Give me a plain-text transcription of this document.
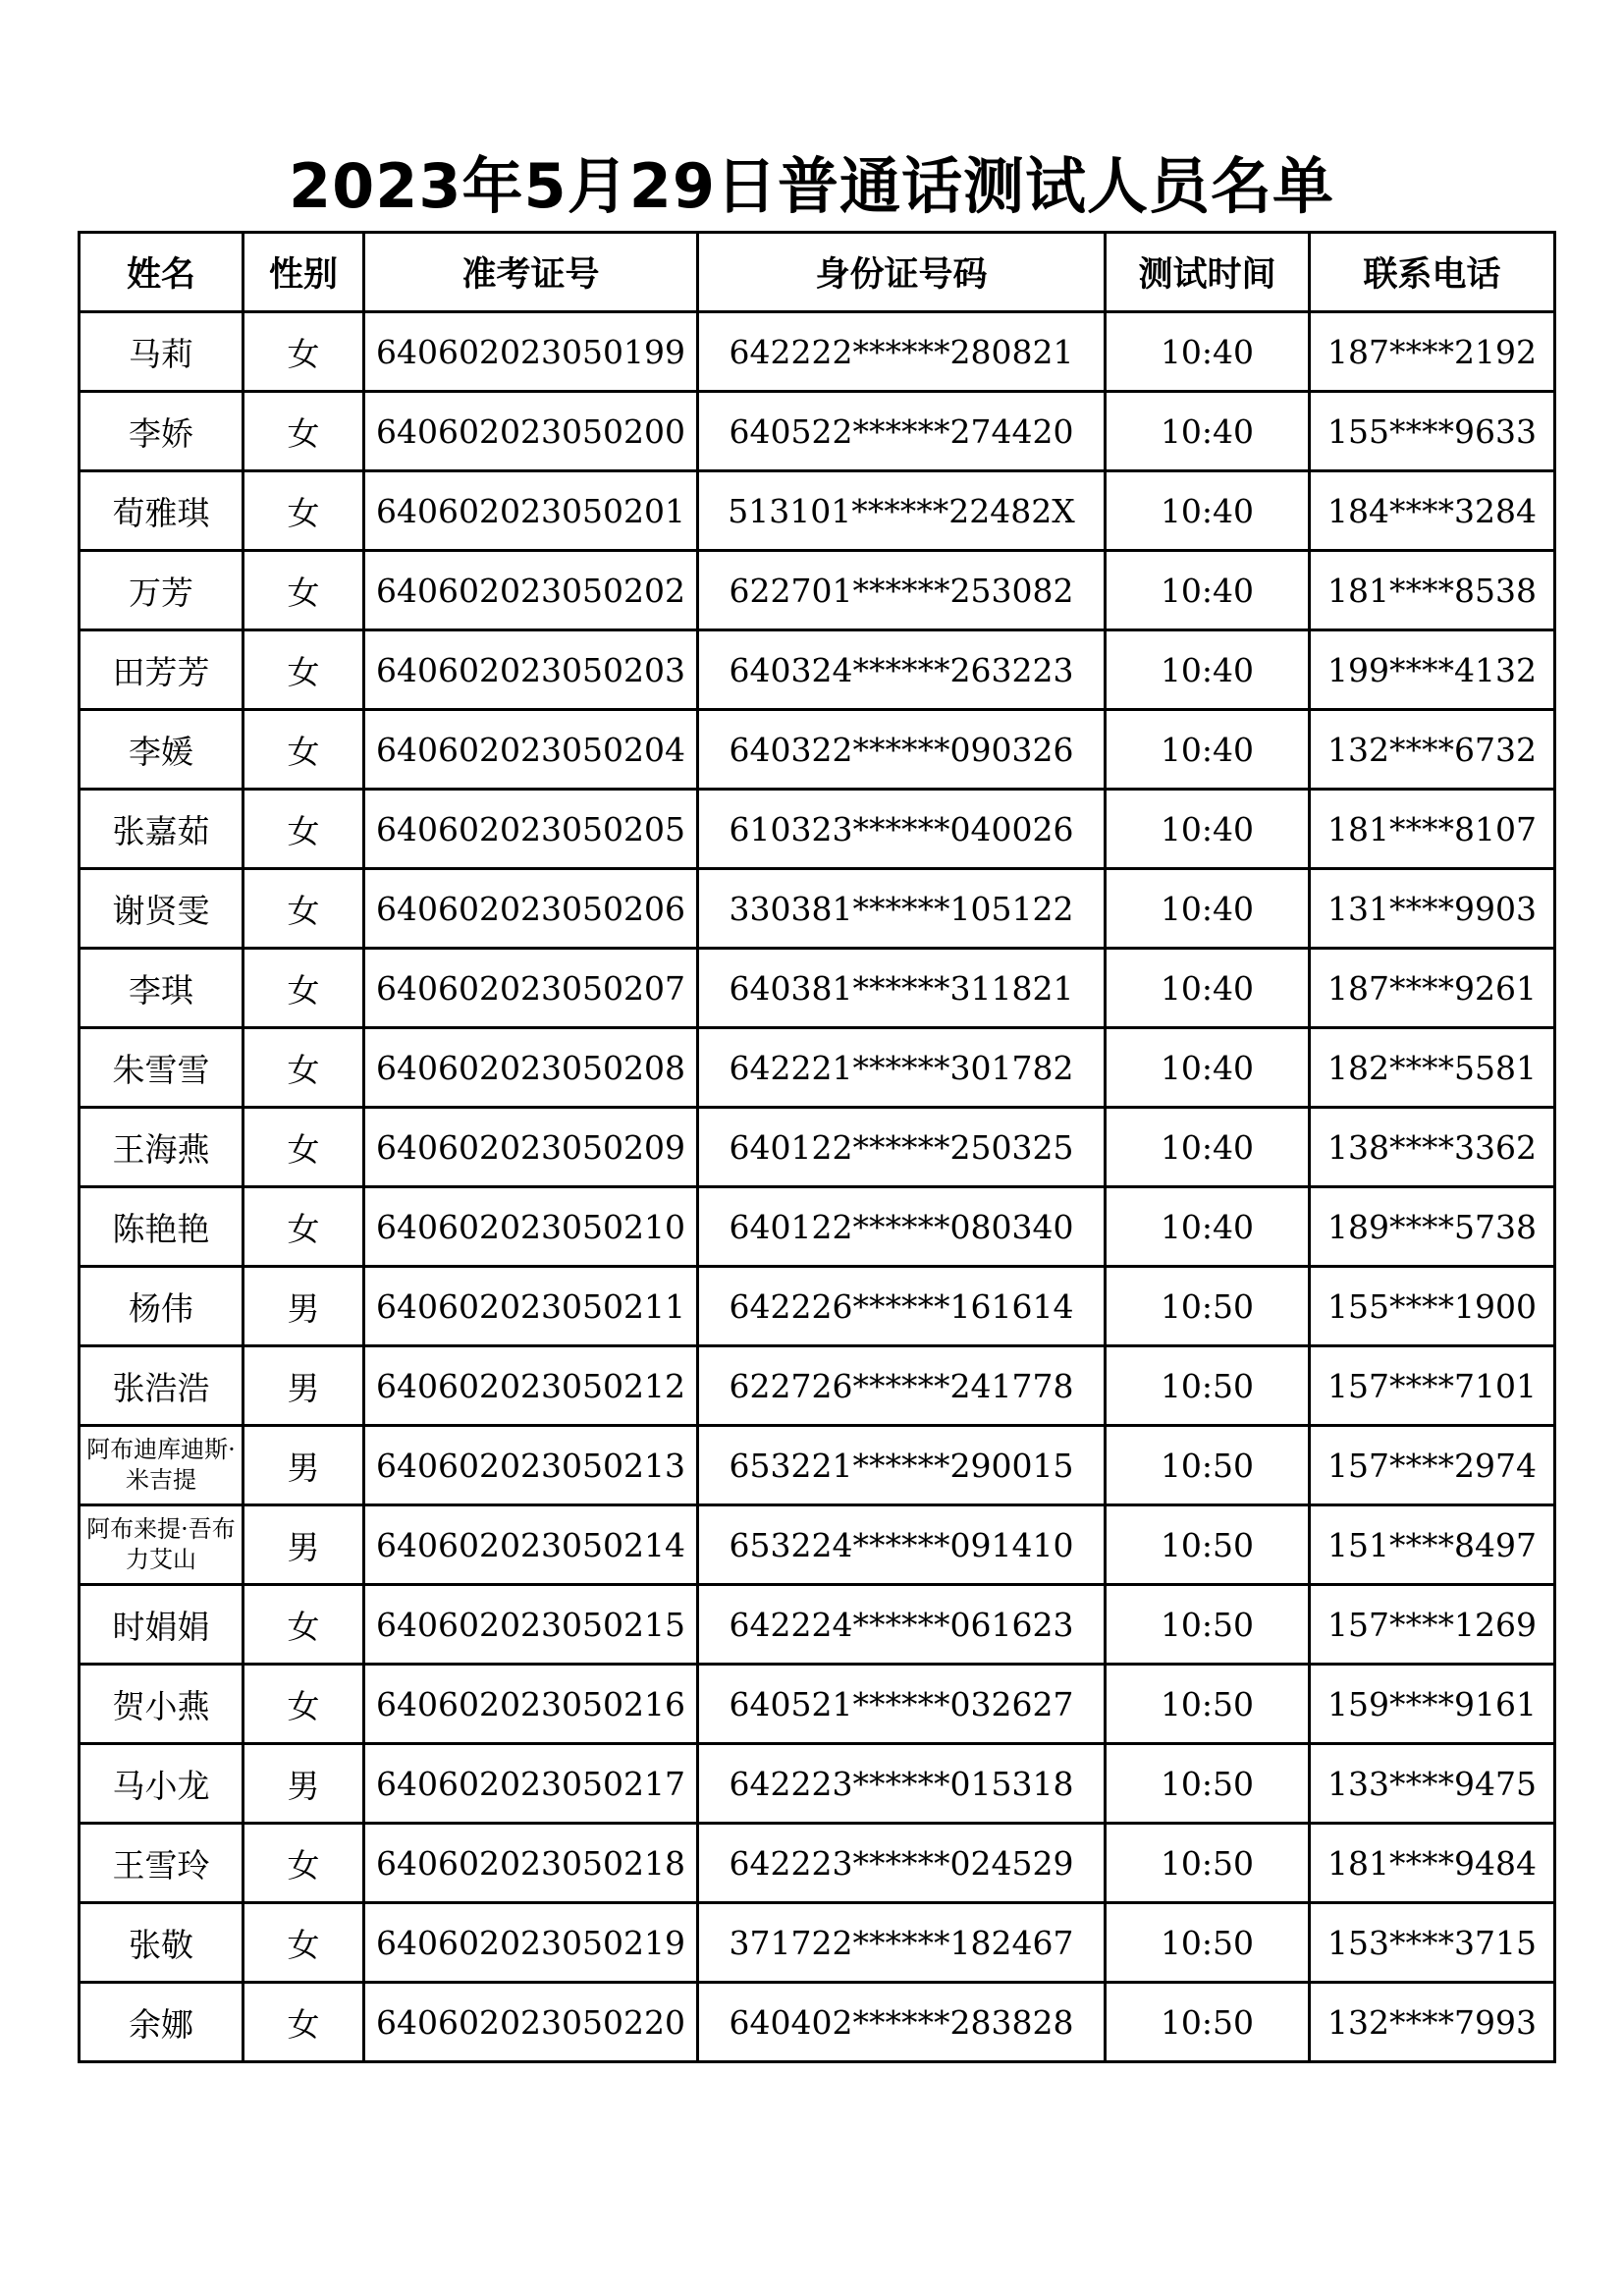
2023年5月29日普通话测试人员名单
姓名	性别	准考证号	身份证号码	测试时间	联系电话
马莉	女	640602023050199	642222******280821	10:40	187****2192
李娇	女	640602023050200	640522******274420	10:40	155****9633
荀雅琪	女	640602023050201	513101******22482X	10:40	184****3284
万芳	女	640602023050202	622701******253082	10:40	181****8538
田芳芳	女	640602023050203	640324******263223	10:40	199****4132
李媛	女	640602023050204	640322******090326	10:40	132****6732
张嘉茹	女	640602023050205	610323******040026	10:40	181****8107
谢贤雯	女	640602023050206	330381******105122	10:40	131****9903
李琪	女	640602023050207	640381******311821	10:40	187****9261
朱雪雪	女	640602023050208	642221******301782	10:40	182****5581
王海燕	女	640602023050209	640122******250325	10:40	138****3362
陈艳艳	女	640602023050210	640122******080340	10:40	189****5738
杨伟	男	640602023050211	642226******161614	10:50	155****1900
张浩浩	男	640602023050212	622726******241778	10:50	157****7101
阿布迪库迪斯·米吉提	男	640602023050213	653221******290015	10:50	157****2974
阿布来提·吾布力艾山	男	640602023050214	653224******091410	10:50	151****8497
时娟娟	女	640602023050215	642224******061623	10:50	157****1269
贺小燕	女	640602023050216	640521******032627	10:50	159****9161
马小龙	男	640602023050217	642223******015318	10:50	133****9475
王雪玲	女	640602023050218	642223******024529	10:50	181****9484
张敬	女	640602023050219	371722******182467	10:50	153****3715
余娜	女	640602023050220	640402******283828	10:50	132****7993
